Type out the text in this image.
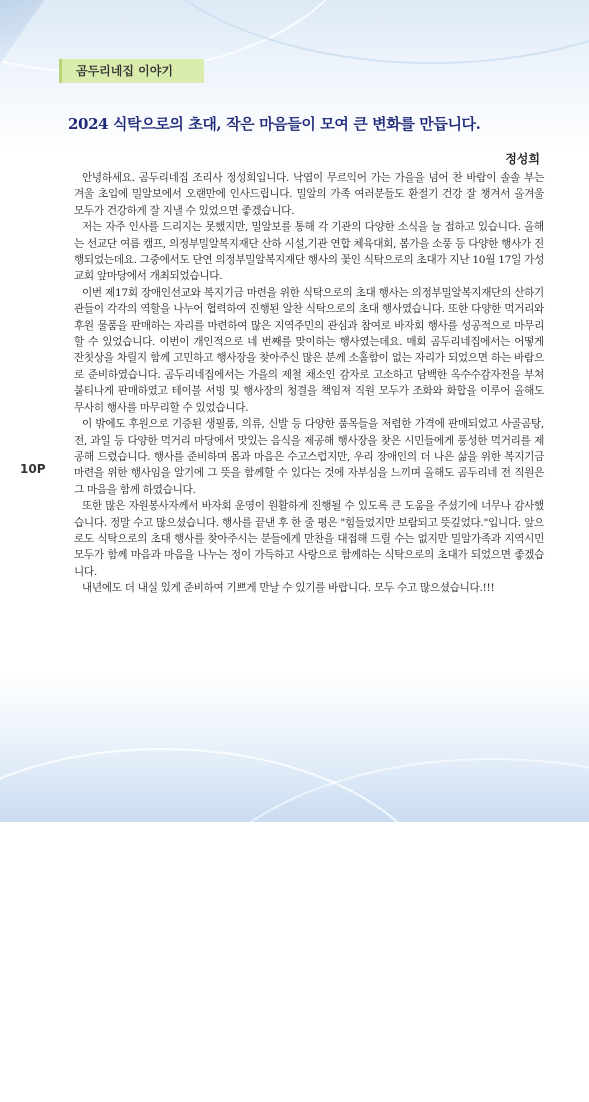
곰두리네집 이야기
2024 식탁으로의 초대, 작은 마음들이 모여 큰 변화를 만듭니다.
정성희
10P

안녕하세요. 곰두리네집 조리사 정성희입니다. 낙엽이 무르익어 가는 가을을 넘어 찬 바람이 솔솔 부는 겨울 초입에 밀알보에서 오랜만에 인사드립니다. 밀알의 가족 여러분들도 환절기 건강 잘 챙겨서 올겨울 모두가 건강하게 잘 지낼 수 있었으면 좋겠습니다.

저는 자주 인사를 드리지는 못했지만, 밀알보를 통해 각 기관의 다양한 소식을 늘 접하고 있습니다. 올해는 선교단 여름 캠프, 의정부밀알복지재단 산하 시설,기관 연합 체육대회, 봄가을 소풍 등 다양한 행사가 진행되었는데요. 그중에서도 단연 의정부밀알복지재단 행사의 꽃인 식탁으로의 초대가 지난 10월 17일 가성교회 앞마당에서 개최되었습니다.

이번 제17회 장애인선교와 복지기금 마련을 위한 식탁으로의 초대 행사는 의정부밀알복지재단의 산하기관들이 각각의 역할을 나누어 협력하여 진행된 알찬 식탁으로의 초대 행사였습니다. 또한 다양한 먹거리와 후원 물품을 판매하는 자리를 마련하여 많은 지역주민의 관심과 참여로 바자회 행사를 성공적으로 마무리할 수 있었습니다. 이번이 개인적으로 네 번째를 맞이하는 행사였는데요. 매회 곰두리네집에서는 어떻게 잔칫상을 차릴지 함께 고민하고 행사장을 찾아주신 많은 분께 소홀함이 없는 자리가 되었으면 하는 바람으로 준비하였습니다. 곰두리네집에서는 가을의 제철 채소인 감자로 고소하고 담백한 옥수수감자전을 부쳐 붙티나게 판매하였고 테이블 서빙 및 행사장의 청결을 책임져 직원 모두가 조화와 화합을 이루어 올해도 무사히 행사를 마무리할 수 있었습니다.

이 밖에도 후원으로 기증된 생필품, 의류, 신발 등 다양한 품목들을 저렴한 가격에 판매되었고 사골곰탕, 전, 과일 등 다양한 먹거리 마당에서 맛있는 음식을 제공해 행사장을 찾은 시민들에게 풍성한 먹거리를 제공해 드렸습니다. 행사를 준비하며 몸과 마음은 수고스럽지만, 우리 장애인의 더 나은 삶을 위한 복지기금 마련을 위한 행사임을 알기에 그 뜻을 함께할 수 있다는 것에 자부심을 느끼며 올해도 곰두리네 전 직원은 그 마음을 함께 하였습니다.

또한 많은 자원봉사자께서 바자회 운영이 원활하게 진행될 수 있도록 큰 도움을 주셨기에 너무나 감사했습니다. 정말 수고 많으셨습니다. 행사를 끝낸 후 한 줄 평은 "힘들었지만 보람되고 뜻깊었다."입니다. 앞으로도 식탁으로의 초대 행사를 찾아주시는 분들에게 만찬을 대접해 드릴 수는 없지만 밀알가족과 지역시민 모두가 함께 마음과 마음을 나누는 정이 가득하고 사랑으로 함께하는 식탁으로의 초대가 되었으면 좋겠습니다.

내년에도 더 내실 있게 준비하여 기쁘게 만날 수 있기를 바랍니다. 모두 수고 많으셨습니다.!!!
